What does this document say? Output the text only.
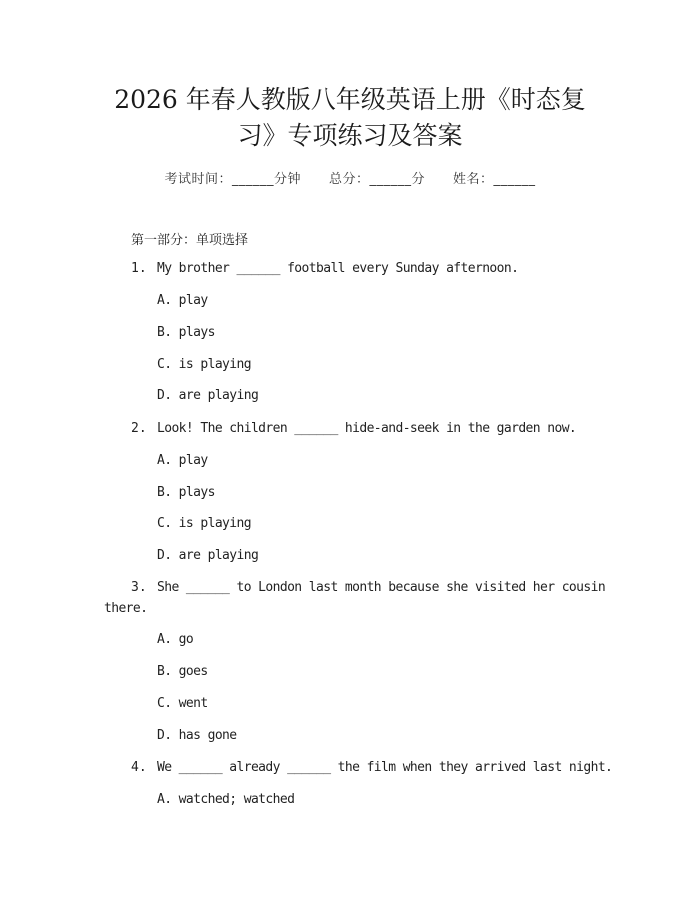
2026 年春人教版八年级英语上册《时态复
习》专项练习及答案
考试时间：______分钟 总分：______分 姓名：______
第一部分：单项选择
1. My brother ______ football every Sunday afternoon.
A. play
B. plays
C. is playing
D. are playing
2. Look! The children ______ hide-and-seek in the garden now.
A. play
B. plays
C. is playing
D. are playing
3. She ______ to London last month because she visited her cousin
there.
A. go
B. goes
C. went
D. has gone
4. We ______ already ______ the film when they arrived last night.
A. watched; watched
